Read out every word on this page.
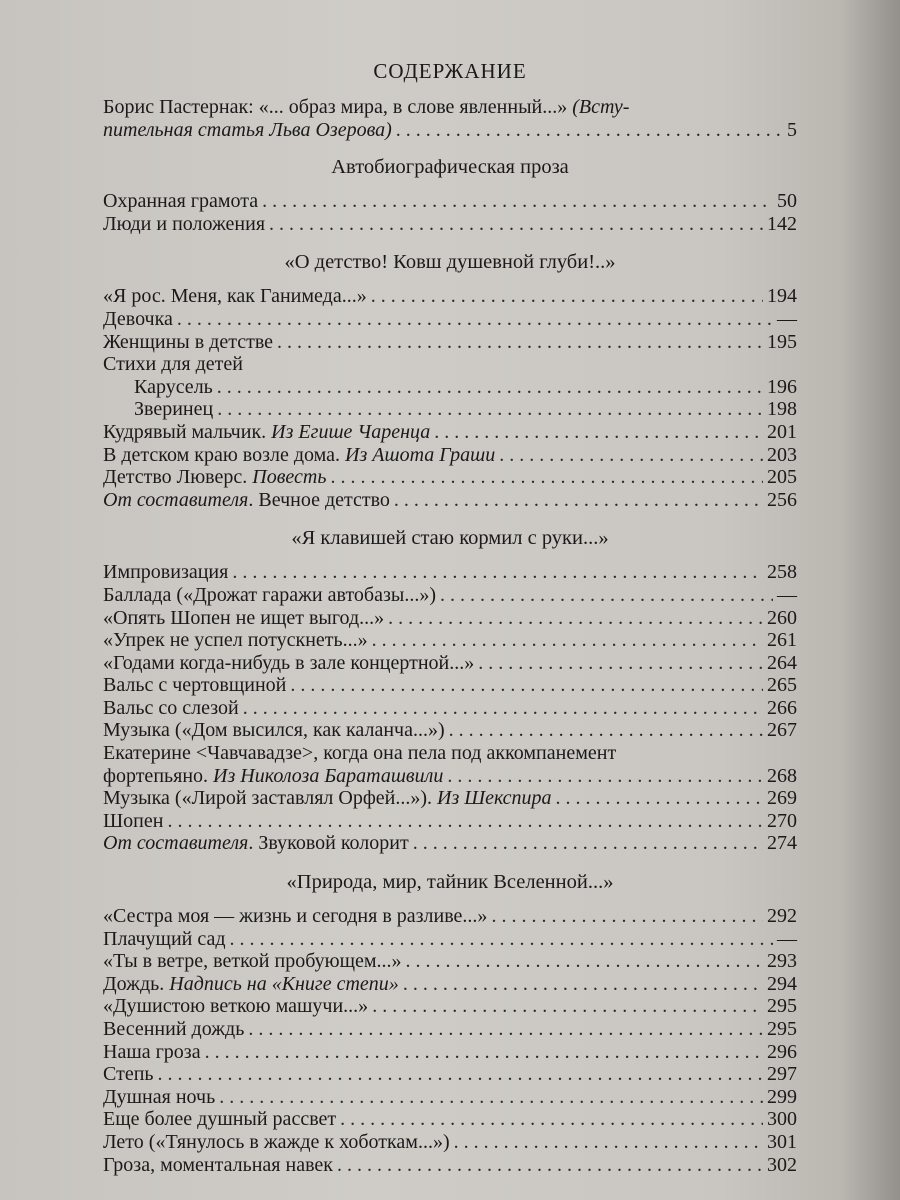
СОДЕРЖАНИЕ
Борис Пастернак: «... образ мира, в слове явленный...» (Всту-
пительная статья Льва Озерова) . . .	5
Автобиографическая проза
Охранная грамота . . .	50
Люди и положения . . .	142
«О детство! Ковш душевной глуби!..»
«Я рос. Меня, как Ганимеда...» . . .	194
Девочка . . .	—
Женщины в детстве . . .	195
Стихи для детей
Карусель . . .	196
Зверинец . . .	198
Кудрявый мальчик. Из Егише Чаренца . . .	201
В детском краю возле дома. Из Ашота Граши . . .	203
Детство Люверс. Повесть . . .	205
От составителя. Вечное детство . . .	256
«Я клавишей стаю кормил с руки...»
Импровизация . . .	258
Баллада («Дрожат гаражи автобазы...») . . .	—
«Опять Шопен не ищет выгод...» . . .	260
«Упрек не успел потускнеть...» . . .	261
«Годами когда-нибудь в зале концертной...» . . .	264
Вальс с чертовщиной . . .	265
Вальс со слезой . . .	266
Музыка («Дом высился, как каланча...») . . .	267
Екатерине <Чавчавадзе>, когда она пела под аккомпанемент
фортепьяно. Из Николоза Бараташвили . . .	268
Музыка («Лирой заставлял Орфей...»). Из Шекспира . . .	269
Шопен . . .	270
От составителя. Звуковой колорит . . .	274
«Природа, мир, тайник Вселенной...»
«Сестра моя — жизнь и сегодня в разливе...» . . .	292
Плачущий сад . . .	—
«Ты в ветре, веткой пробующем...» . . .	293
Дождь. Надпись на «Книге степи» . . .	294
«Душистою веткою машучи...» . . .	295
Весенний дождь . . .	295
Наша гроза . . .	296
Степь . . .	297
Душная ночь . . .	299
Еще более душный рассвет . . .	300
Лето («Тянулось в жажде к хоботкам...») . . .	301
Гроза, моментальная навек . . .	302
